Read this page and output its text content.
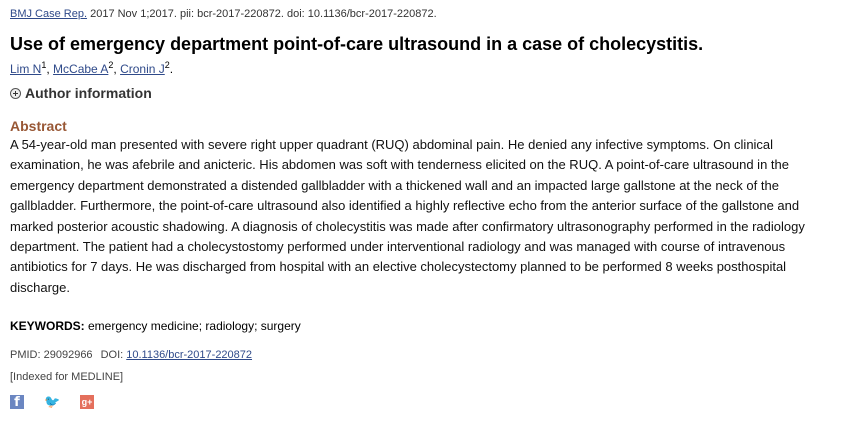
BMJ Case Rep. 2017 Nov 1;2017. pii: bcr-2017-220872. doi: 10.1136/bcr-2017-220872.
Use of emergency department point-of-care ultrasound in a case of cholecystitis.
Lim $N^1$, McCabe $A^2$, Cronin $J^2$.
Author information
Abstract
A 54-year-old man presented with severe right upper quadrant (RUQ) abdominal pain. He denied any infective symptoms. On clinical examination, he was afebrile and anicteric. His abdomen was soft with tenderness elicited on the RUQ. A point-of-care ultrasound in the emergency department demonstrated a distended gallbladder with a thickened wall and an impacted large gallstone at the neck of the gallbladder. Furthermore, the point-of-care ultrasound also identified a highly reflective echo from the anterior surface of the gallstone and marked posterior acoustic shadowing. A diagnosis of cholecystitis was made after confirmatory ultrasonography performed in the radiology department. The patient had a cholecystostomy performed under interventional radiology and was managed with course of intravenous antibiotics for 7 days. He was discharged from hospital with an elective cholecystectomy planned to be performed 8 weeks posthospital discharge.
KEYWORDS: emergency medicine; radiology; surgery
PMID: 29092966 DOI: 10.1136/bcr-2017-220872
[Indexed for MEDLINE]
f	🐦 g+
